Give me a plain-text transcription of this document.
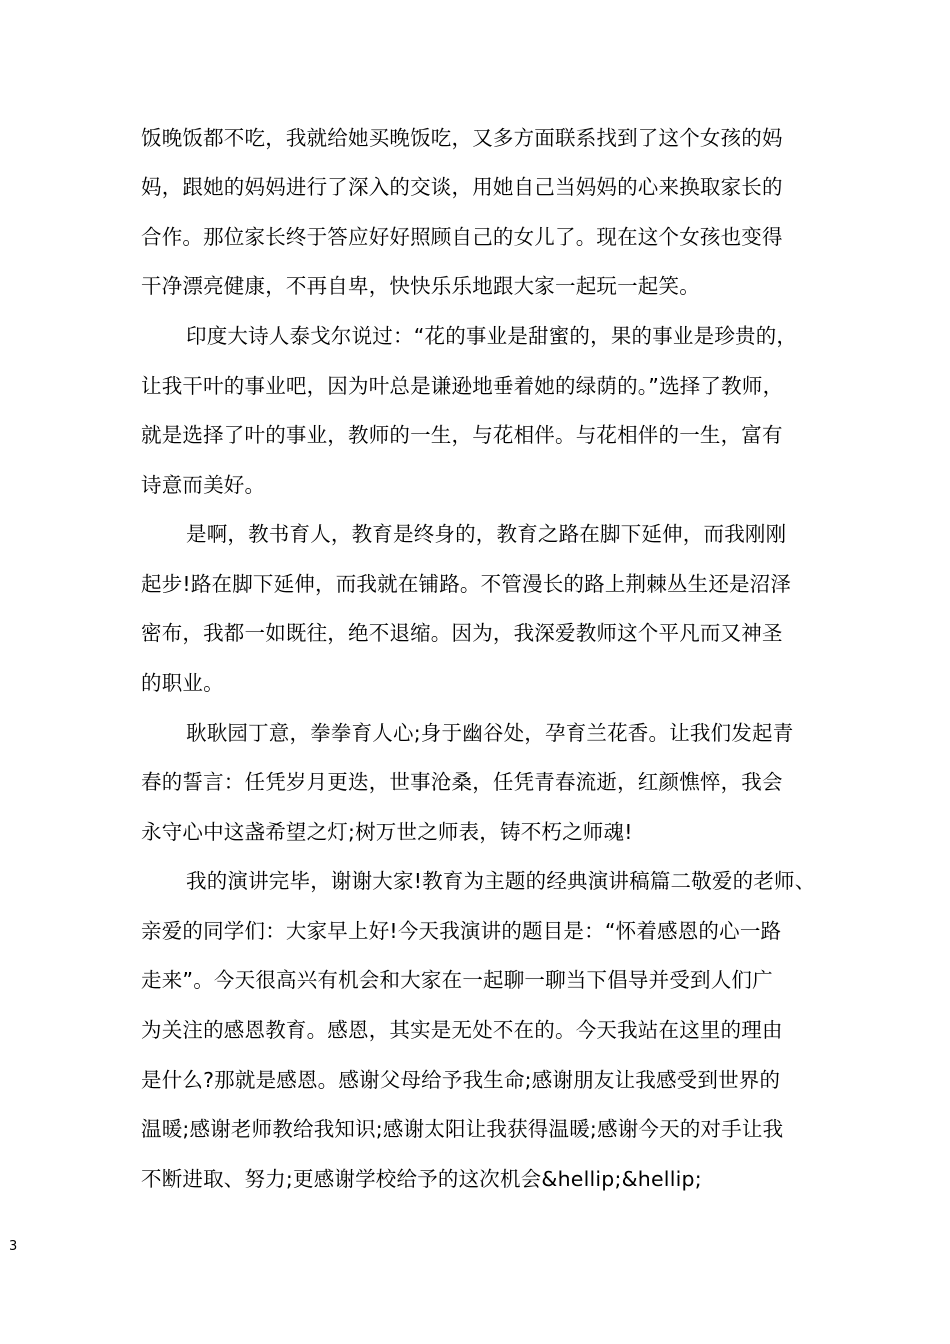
饭晚饭都不吃，我就给她买晚饭吃，又多方面联系找到了这个女孩的妈
妈，跟她的妈妈进行了深入的交谈，用她自己当妈妈的心来换取家长的
合作。那位家长终于答应好好照顾自己的女儿了。现在这个女孩也变得
干净漂亮健康，不再自卑，快快乐乐地跟大家一起玩一起笑。
印度大诗人泰戈尔说过：“花的事业是甜蜜的，果的事业是珍贵的，
让我干叶的事业吧，因为叶总是谦逊地垂着她的绿荫的。”选择了教师，
就是选择了叶的事业，教师的一生，与花相伴。与花相伴的一生，富有
诗意而美好。
是啊，教书育人，教育是终身的，教育之路在脚下延伸，而我刚刚
起步!路在脚下延伸，而我就在铺路。不管漫长的路上荆棘丛生还是沼泽
密布，我都一如既往，绝不退缩。因为，我深爱教师这个平凡而又神圣
的职业。
耿耿园丁意，拳拳育人心;身于幽谷处，孕育兰花香。让我们发起青
春的誓言：任凭岁月更迭，世事沧桑，任凭青春流逝，红颜憔悴，我会
永守心中这盏希望之灯;树万世之师表，铸不朽之师魂!
我的演讲完毕，谢谢大家!教育为主题的经典演讲稿篇二敬爱的老师、
亲爱的同学们：大家早上好!今天我演讲的题目是：“怀着感恩的心一路
走来”。今天很高兴有机会和大家在一起聊一聊当下倡导并受到人们广
为关注的感恩教育。感恩，其实是无处不在的。今天我站在这里的理由
是什么?那就是感恩。感谢父母给予我生命;感谢朋友让我感受到世界的
温暖;感谢老师教给我知识;感谢太阳让我获得温暖;感谢今天的对手让我
不断进取、努力;更感谢学校给予的这次机会&hellip;&hellip;
3
